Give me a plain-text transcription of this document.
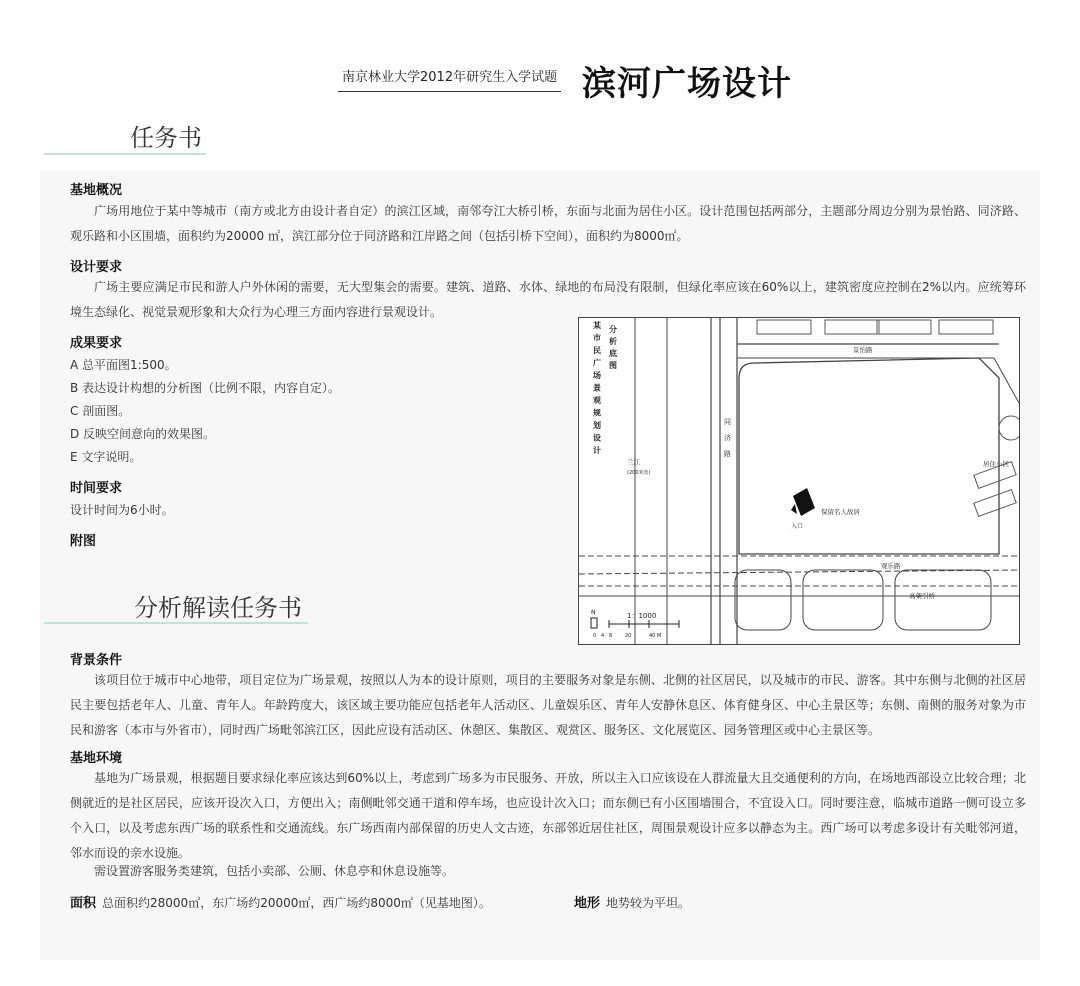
南京林业大学2012年研究生入学试题 滨河广场设计
任务书
基地概况
广场用地位于某中等城市（南方或北方由设计者自定）的滨江区域，南邻夸江大桥引桥，东面与北面为居住小区。设计范围包括两部分，主题部分周边分别为景怡路、同济路、观乐路和小区围墙，面积约为20000 ㎡，滨江部分位于同济路和江岸路之间（包括引桥下空间），面积约为8000㎡。
设计要求
广场主要应满足市民和游人户外休闲的需要，无大型集会的需要。建筑、道路、水体、绿地的布局没有限制，但绿化率应该在60%以上，建筑密度应控制在2%以内。应统筹环境生态绿化、视觉景观形象和大众行为心理三方面内容进行景观设计。
成果要求
A 总平面图1:500。
B 表达设计构想的分析图（比例不限，内容自定）。
C 剖面图。
D 反映空间意向的效果图。
E 文字说明。
时间要求
设计时间为6小时。
附图
某
市
民
广
场
景
观
规
划
设
计
分
析
底
图
同
济
路
景怡路
兰江
(200米宽)
居住小区
保留名人故居
入口
观乐路
高架引桥
N	1：1000
0 4 8	20	40 M
分析解读任务书
背景条件
该项目位于城市中心地带，项目定位为广场景观，按照以人为本的设计原则，项目的主要服务对象是东侧、北侧的社区居民，以及城市的市民、游客。其中东侧与北侧的社区居民主要包括老年人、儿童、青年人。年龄跨度大，该区域主要功能应包括老年人活动区、儿童娱乐区、青年人安静休息区、体育健身区、中心主景区等；东侧、南侧的服务对象为市民和游客（本市与外省市），同时西广场毗邻滨江区，因此应设有活动区、休憩区、集散区、观赏区、服务区、文化展览区、园务管理区或中心主景区等。
基地环境
基地为广场景观，根据题目要求绿化率应该达到60%以上，考虑到广场多为市民服务、开放，所以主入口应该设在人群流量大且交通便利的方向，在场地西部设立比较合理；北侧就近的是社区居民，应该开设次入口，方便出入；南侧毗邻交通干道和停车场，也应设计次入口；而东侧已有小区围墙围合，不宜设入口。同时要注意，临城市道路一侧可设立多个入口，以及考虑东西广场的联系性和交通流线。东广场西南内部保留的历史人文古迹，东部邻近居住社区，周围景观设计应多以静态为主。西广场可以考虑多设计有关毗邻河道，邻水而设的亲水设施。
需设置游客服务类建筑，包括小卖部、公厕、休息亭和休息设施等。
面积 总面积约28000㎡，东广场约20000㎡，西广场约8000㎡（见基地图）。	地形 地势较为平坦。
